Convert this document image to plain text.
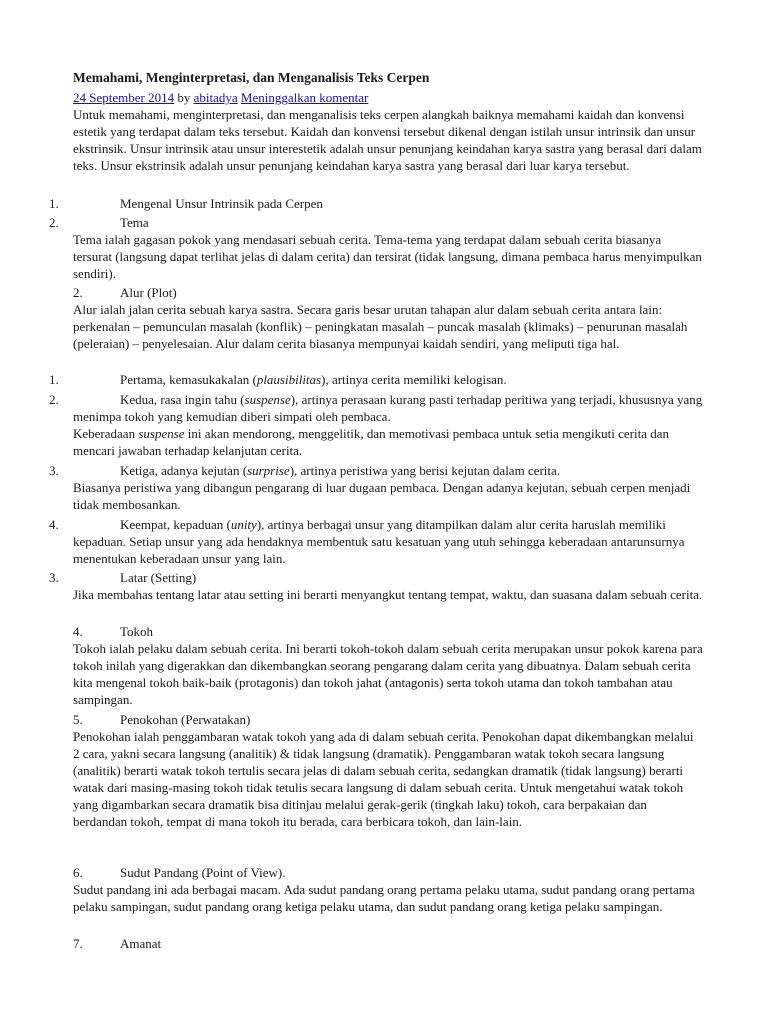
Memahami, Menginterpretasi, dan Menganalisis Teks Cerpen
24 September 2014 by abitadya Meninggalkan komentar

Untuk memahami, menginterpretasi, dan menganalisis teks cerpen alangkah baiknya memahami kaidah dan konvensi estetik yang terdapat dalam teks tersebut. Kaidah dan konvensi tersebut dikenal dengan istilah unsur intrinsik dan unsur ekstrinsik. Unsur intrinsik atau unsur interestetik adalah unsur penunjang keindahan karya sastra yang berasal dari dalam teks. Unsur ekstrinsik adalah unsur penunjang keindahan karya sastra yang berasal dari luar karya tersebut.

1.	Mengenal Unsur Intrinsik pada Cerpen
2.	Tema

Tema ialah gagasan pokok yang mendasari sebuah cerita. Tema-tema yang terdapat dalam sebuah cerita biasanya tersurat (langsung dapat terlihat jelas di dalam cerita) dan tersirat (tidak langsung, dimana pembaca harus menyimpulkan sendiri).

2.	Alur (Plot)

Alur ialah jalan cerita sebuah karya sastra. Secara garis besar urutan tahapan alur dalam sebuah cerita antara lain: perkenalan – pemunculan masalah (konflik) – peningkatan masalah – puncak masalah (klimaks) – penurunan masalah (peleraian) – penyelesaian. Alur dalam cerita biasanya mempunyai kaidah sendiri, yang meliputi tiga hal.

1.	Pertama, kemasukakalan (plausibilitas), artinya cerita memiliki kelogisan.

2.	Kedua, rasa ingin tahu (suspense), artinya perasaan kurang pasti terhadap peritiwa yang terjadi, khususnya yang menimpa tokoh yang kemudian diberi simpati oleh pembaca.

Keberadaan suspense ini akan mendorong, menggelitik, dan memotivasi pembaca untuk setia mengikuti cerita dan mencari jawaban terhadap kelanjutan cerita.

3.	Ketiga, adanya kejutan (surprise), artinya peristiwa yang berisi kejutan dalam cerita.

Biasanya peristiwa yang dibangun pengarang di luar dugaan pembaca. Dengan adanya kejutan, sebuah cerpen menjadi tidak membosankan.

4.	Keempat, kepaduan (unity), artinya berbagai unsur yang ditampilkan dalam alur cerita haruslah memiliki kepaduan. Setiap unsur yang ada hendaknya membentuk satu kesatuan yang utuh sehingga keberadaan antarunsurnya menentukan keberadaan unsur yang lain.

3.	Latar (Setting)

Jika membahas tentang latar atau setting ini berarti menyangkut tentang tempat, waktu, dan suasana dalam sebuah cerita.

4.	Tokoh

Tokoh ialah pelaku dalam sebuah cerita. Ini berarti tokoh-tokoh dalam sebuah cerita merupakan unsur pokok karena para tokoh inilah yang digerakkan dan dikembangkan seorang pengarang dalam cerita yang dibuatnya. Dalam sebuah cerita kita mengenal tokoh baik-baik (protagonis) dan tokoh jahat (antagonis) serta tokoh utama dan tokoh tambahan atau sampingan.

5.	Penokohan (Perwatakan)

Penokohan ialah penggambaran watak tokoh yang ada di dalam sebuah cerita. Penokohan dapat dikembangkan melalui 2 cara, yakni secara langsung (analitik) & tidak langsung (dramatik). Penggambaran watak tokoh secara langsung (analitik) berarti watak tokoh tertulis secara jelas di dalam sebuah cerita, sedangkan dramatik (tidak langsung) berarti watak dari masing-masing tokoh tidak tetulis secara langsung di dalam sebuah cerita. Untuk mengetahui watak tokoh yang digambarkan secara dramatik bisa ditinjau melalui gerak-gerik (tingkah laku) tokoh, cara berpakaian dan berdandan tokoh, tempat di mana tokoh itu berada, cara berbicara tokoh, dan lain-lain.

6.	Sudut Pandang (Point of View).

Sudut pandang ini ada berbagai macam. Ada sudut pandang orang pertama pelaku utama, sudut pandang orang pertama pelaku sampingan, sudut pandang orang ketiga pelaku utama, dan sudut pandang orang ketiga pelaku sampingan.

7.	Amanat
